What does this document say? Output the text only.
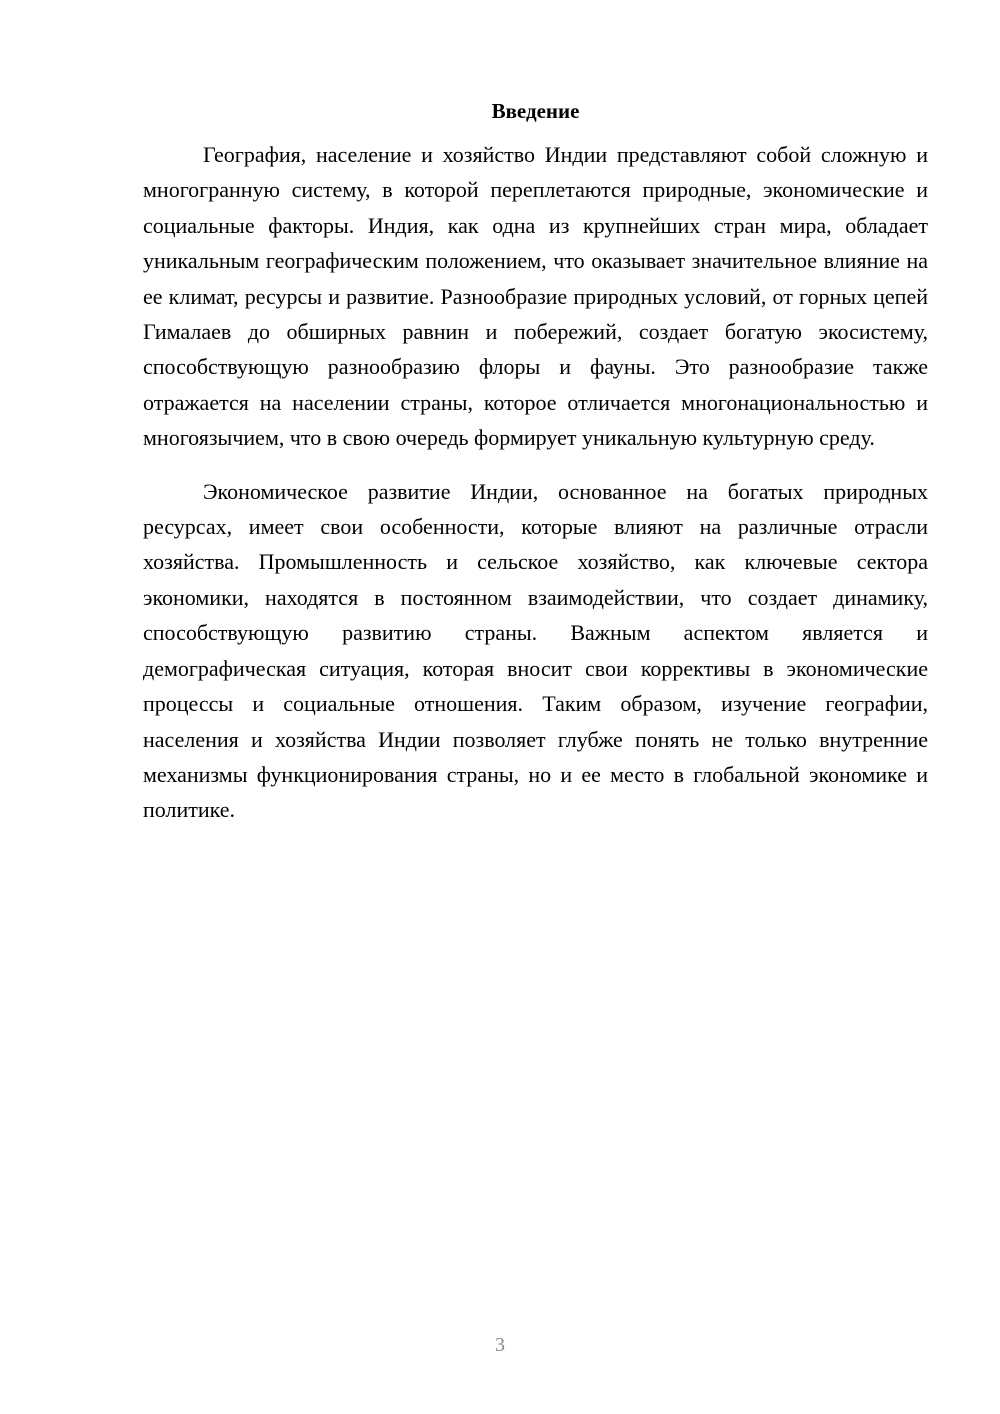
Введение

География, население и хозяйство Индии представляют собой сложную и многогранную систему, в которой переплетаются природные, экономические и социальные факторы. Индия, как одна из крупнейших стран мира, обладает уникальным географическим положением, что оказывает значительное влияние на ее климат, ресурсы и развитие. Разнообразие природных условий, от горных цепей Гималаев до обширных равнин и побережий, создает богатую экосистему, способствующую разнообразию флоры и фауны. Это разнообразие также отражается на населении страны, которое отличается многонациональностью и многоязычием, что в свою очередь формирует уникальную культурную среду.

Экономическое развитие Индии, основанное на богатых природных ресурсах, имеет свои особенности, которые влияют на различные отрасли хозяйства. Промышленность и сельское хозяйство, как ключевые сектора экономики, находятся в постоянном взаимодействии, что создает динамику, способствующую развитию страны. Важным аспектом является и демографическая ситуация, которая вносит свои коррективы в экономические процессы и социальные отношения. Таким образом, изучение географии, населения и хозяйства Индии позволяет глубже понять не только внутренние механизмы функционирования страны, но и ее место в глобальной экономике и политике.

3
